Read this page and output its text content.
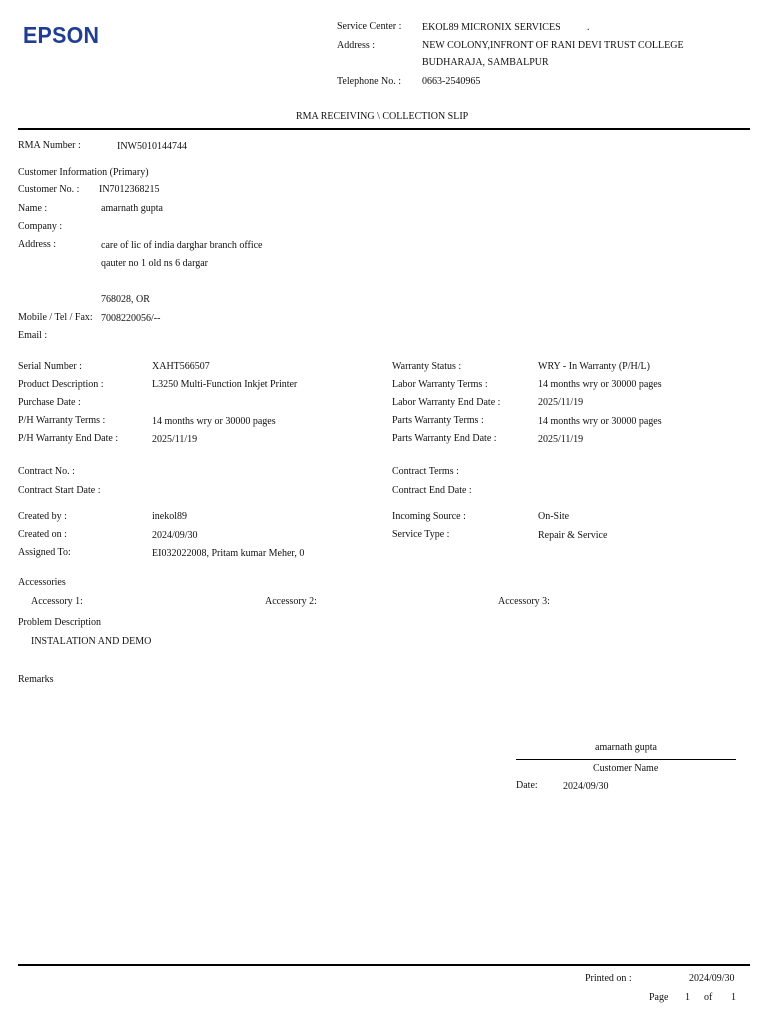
EPSON	Service Center : EKOL89 MICRONIX SERVICES	.
Address :	NEW COLONY,INFRONT OF RANI DEVI TRUST COLLEGE
BUDHARAJA, SAMBALPUR
Telephone No. : 0663-2540965
RMA RECEIVING \ COLLECTION SLIP
RMA Number :	INW5010144744
Customer Information (Primary)
Customer No. : IN7012368215
Name :	amarnath gupta
Company :
Address :	care of lic of india darghar branch office
qauter no 1 old ns 6 dargar
768028, OR
Mobile / Tel / Fax: 7008220056/--
Email :
Serial Number :	XAHT566507
Product Description :	L3250 Multi-Function Inkjet Printer
Purchase Date :
P/H Warranty Terms :	14 months wry or 30000 pages
P/H Warranty End Date :	2025/11/19
Warranty Status :	WRY - In Warranty (P/H/L)
Labor Warranty Terms :	14 months wry or 30000 pages
Labor Warranty End Date :	2025/11/19
Parts Warranty Terms :	14 months wry or 30000 pages
Parts Warranty End Date :	2025/11/19
Contract No. :
Contract Start Date :
Contract Terms :
Contract End Date :
Created by :	inekol89
Created on :	2024/09/30
Assigned To:	EI032022008, Pritam kumar Meher, 0
Incoming Source :	On-Site
Service Type :	Repair & Service
Accessories
Accessory 1:	Accessory 2:	Accessory 3:
Problem Description
INSTALATION AND DEMO
Remarks
amarnath gupta
Customer Name
Date:	2024/09/30
Printed on :	2024/09/30
Page 1 of 1
